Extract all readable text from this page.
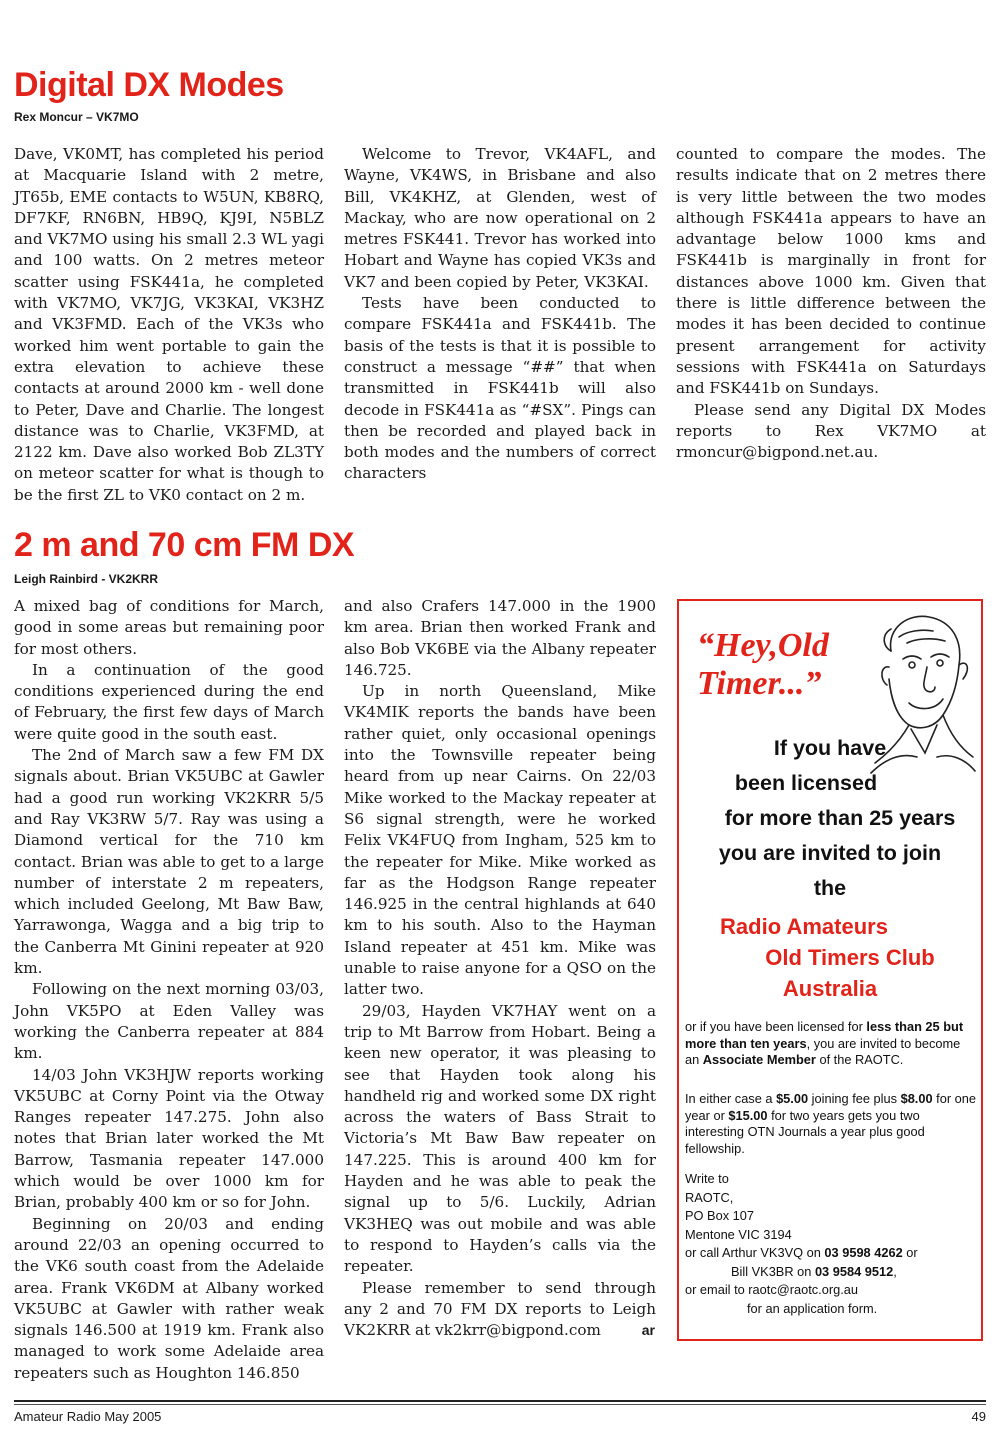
Digital DX Modes
Rex Moncur – VK7MO

Dave, VK0MT, has completed his period at Macquarie Island with 2 metre, JT65b, EME contacts to W5UN, KB8RQ, DF7KF, RN6BN, HB9Q, KJ9I, N5BLZ and VK7MO using his small 2.3 WL yagi and 100 watts. On 2 metres meteor scatter using FSK441a, he completed with VK7MO, VK7JG, VK3KAI, VK3HZ and VK3FMD. Each of the VK3s who worked him went portable to gain the extra elevation to achieve these contacts at around 2000 km - well done to Peter, Dave and Charlie. The longest distance was to Charlie, VK3FMD, at 2122 km. Dave also worked Bob ZL3TY on meteor scatter for what is though to be the first ZL to VK0 contact on 2 m.

Welcome to Trevor, VK4AFL, and Wayne, VK4WS, in Brisbane and also Bill, VK4KHZ, at Glenden, west of Mackay, who are now operational on 2 metres FSK441. Trevor has worked into Hobart and Wayne has copied VK3s and VK7 and been copied by Peter, VK3KAI.

Tests have been conducted to compare FSK441a and FSK441b. The basis of the tests is that it is possible to construct a message “##” that when transmitted in FSK441b will also decode in FSK441a as “#SX”. Pings can then be recorded and played back in both modes and the numbers of correct characters

counted to compare the modes. The results indicate that on 2 metres there is very little between the two modes although FSK441a appears to have an advantage below 1000 kms and FSK441b is marginally in front for distances above 1000 km. Given that there is little difference between the modes it has been decided to continue present arrangement for activity sessions with FSK441a on Saturdays and FSK441b on Sundays.

Please send any Digital DX Modes reports to Rex VK7MO at rmoncur@bigpond.net.au.

2 m and 70 cm FM DX
Leigh Rainbird - VK2KRR

A mixed bag of conditions for March, good in some areas but remaining poor for most others.

In a continuation of the good conditions experienced during the end of February, the first few days of March were quite good in the south east.

The 2nd of March saw a few FM DX signals about. Brian VK5UBC at Gawler had a good run working VK2KRR 5/5 and Ray VK3RW 5/7. Ray was using a Diamond vertical for the 710 km contact. Brian was able to get to a large number of interstate 2 m repeaters, which included Geelong, Mt Baw Baw, Yarrawonga, Wagga and a big trip to the Canberra Mt Ginini repeater at 920 km.

Following on the next morning 03/03, John VK5PO at Eden Valley was working the Canberra repeater at 884 km.

14/03 John VK3HJW reports working VK5UBC at Corny Point via the Otway Ranges repeater 147.275. John also notes that Brian later worked the Mt Barrow, Tasmania repeater 147.000 which would be over 1000 km for Brian, probably 400 km or so for John.

Beginning on 20/03 and ending around 22/03 an opening occurred to the VK6 south coast from the Adelaide area. Frank VK6DM at Albany worked VK5UBC at Gawler with rather weak signals 146.500 at 1919 km. Frank also managed to work some Adelaide area repeaters such as Houghton 146.850

and also Crafers 147.000 in the 1900 km area. Brian then worked Frank and also Bob VK6BE via the Albany repeater 146.725.

Up in north Queensland, Mike VK4MIK reports the bands have been rather quiet, only occasional openings into the Townsville repeater being heard from up near Cairns. On 22/03 Mike worked to the Mackay repeater at S6 signal strength, were he worked Felix VK4FUQ from Ingham, 525 km to the repeater for Mike. Mike worked as far as the Hodgson Range repeater 146.925 in the central highlands at 640 km to his south. Also to the Hayman Island repeater at 451 km. Mike was unable to raise anyone for a QSO on the latter two.

29/03, Hayden VK7HAY went on a trip to Mt Barrow from Hobart. Being a keen new operator, it was pleasing to see that Hayden took along his handheld rig and worked some DX right across the waters of Bass Strait to Victoria’s Mt Baw Baw repeater on 147.225. This is around 400 km for Hayden and he was able to peak the signal up to 5/6. Luckily, Adrian VK3HEQ was out mobile and was able to respond to Hayden’s calls via the repeater.

Please remember to send through any 2 and 70 FM DX reports to Leigh VK2KRR at vk2krr@bigpond.com	ar
“Hey,Old
Timer...”
If you have
been licensed
for more than 25 years
you are invited to join
the
Radio Amateurs
Old Timers Club
Australia
or if you have been licensed for less than 25 but more than ten years, you are invited to become an Associate Member of the RAOTC.
In either case a $5.00 joining fee plus $8.00 for one year or $15.00 for two years gets you two interesting OTN Journals a year plus good fellowship.
Write to
RAOTC,
PO Box 107
Mentone VIC 3194
or call Arthur VK3VQ on 03 9598 4262 or
Bill VK3BR on 03 9584 9512,
or email to raotc@raotc.org.au
for an application form.
Amateur Radio May 2005	49
